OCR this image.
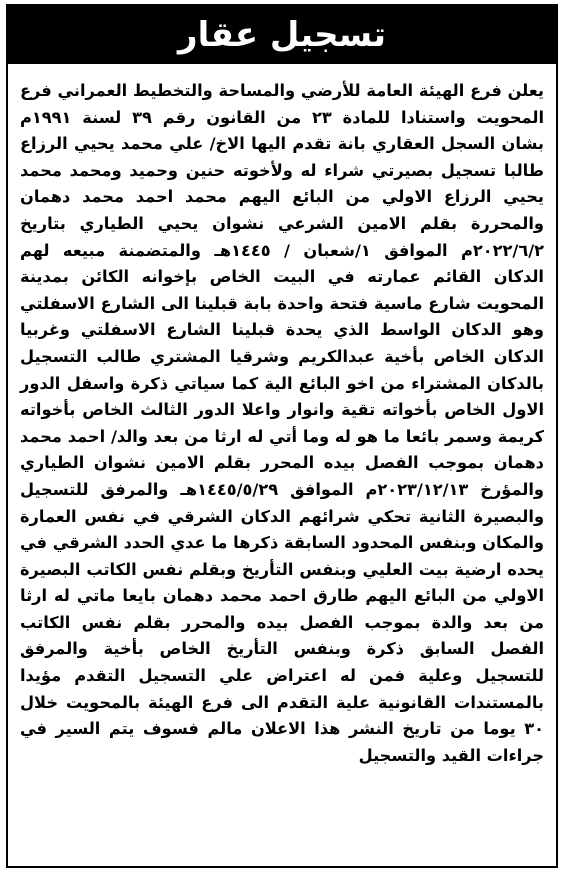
تسجيل عقار

يعلن فرع الهيئة العامة للأرضي والمساحة والتخطيط العمراني فرع المحويت واستنادا للمادة ٢٣ من القانون رقم ٣٩ لسنة ١٩٩١م بشان السجل العقاري بانة تقدم اليها الاخ/ علي محمد يحيي الرزاع طالبا تسجيل بصيرتي شراء له ولأخوته حنين وحميد ومحمد محمد يحيي الرزاع الاولي من البائع اليهم محمد احمد محمد دهمان والمحررة بقلم الامين الشرعي نشوان يحيي الطياري بتاريخ ٢٠٢٢/٦/٢م الموافق ١/شعبان / ١٤٤٥هـ والمتضمنة مبيعه لهم الدكان القائم عمارته في البيت الخاص بإخوانه الكائن بمدينة المحويت شارع ماسية فتحة واحدة بابة قبلينا الى الشارع الاسفلتي وهو الدكان الواسط الذي يحدة قبلينا الشارع الاسفلتي وغربيا الدكان الخاص بأخية عبدالكريم وشرقيا المشتري طالب التسجيل بالدكان المشتراء من اخو البائع الية كما سياتي ذكرة واسفل الدور الاول الخاص بأخواته تقية وانوار واعلا الدور الثالث الخاص بأخواته كريمة وسمر بائعا ما هو له وما أتي له ارثا من بعد والد/ احمد محمد دهمان بموجب الفصل بيده المحرر بقلم الامين نشوان الطياري والمؤرخ ٢٠٢٣/١٢/١٣م الموافق ١٤٤٥/٥/٢٩هـ والمرفق للتسجيل والبصيرة الثانية تحكي شرائهم الدكان الشرقي في نفس العمارة والمكان وبنفس المحدود السابقة ذكرها ما عدي الحدد الشرقي في يحده ارضية بيت العليي وبنفس التأريخ وبقلم نفس الكاتب البصيرة الاولي من البائع اليهم طارق احمد محمد دهمان بايعا ماتي له ارثا من بعد والدة بموجب الفصل بيده والمحرر بقلم نفس الكاتب الفصل السابق ذكرة وبنفس التأريخ الخاص بأخية والمرفق للتسجيل وعلية فمن له اعتراض علي التسجيل التقدم مؤيدا بالمستندات القانونية علية التقدم الى فرع الهيئة بالمحويت خلال ٣٠ يوما من تاريخ النشر هذا الاعلان مالم فسوف يتم السير في جراءات القيد والتسجيل
